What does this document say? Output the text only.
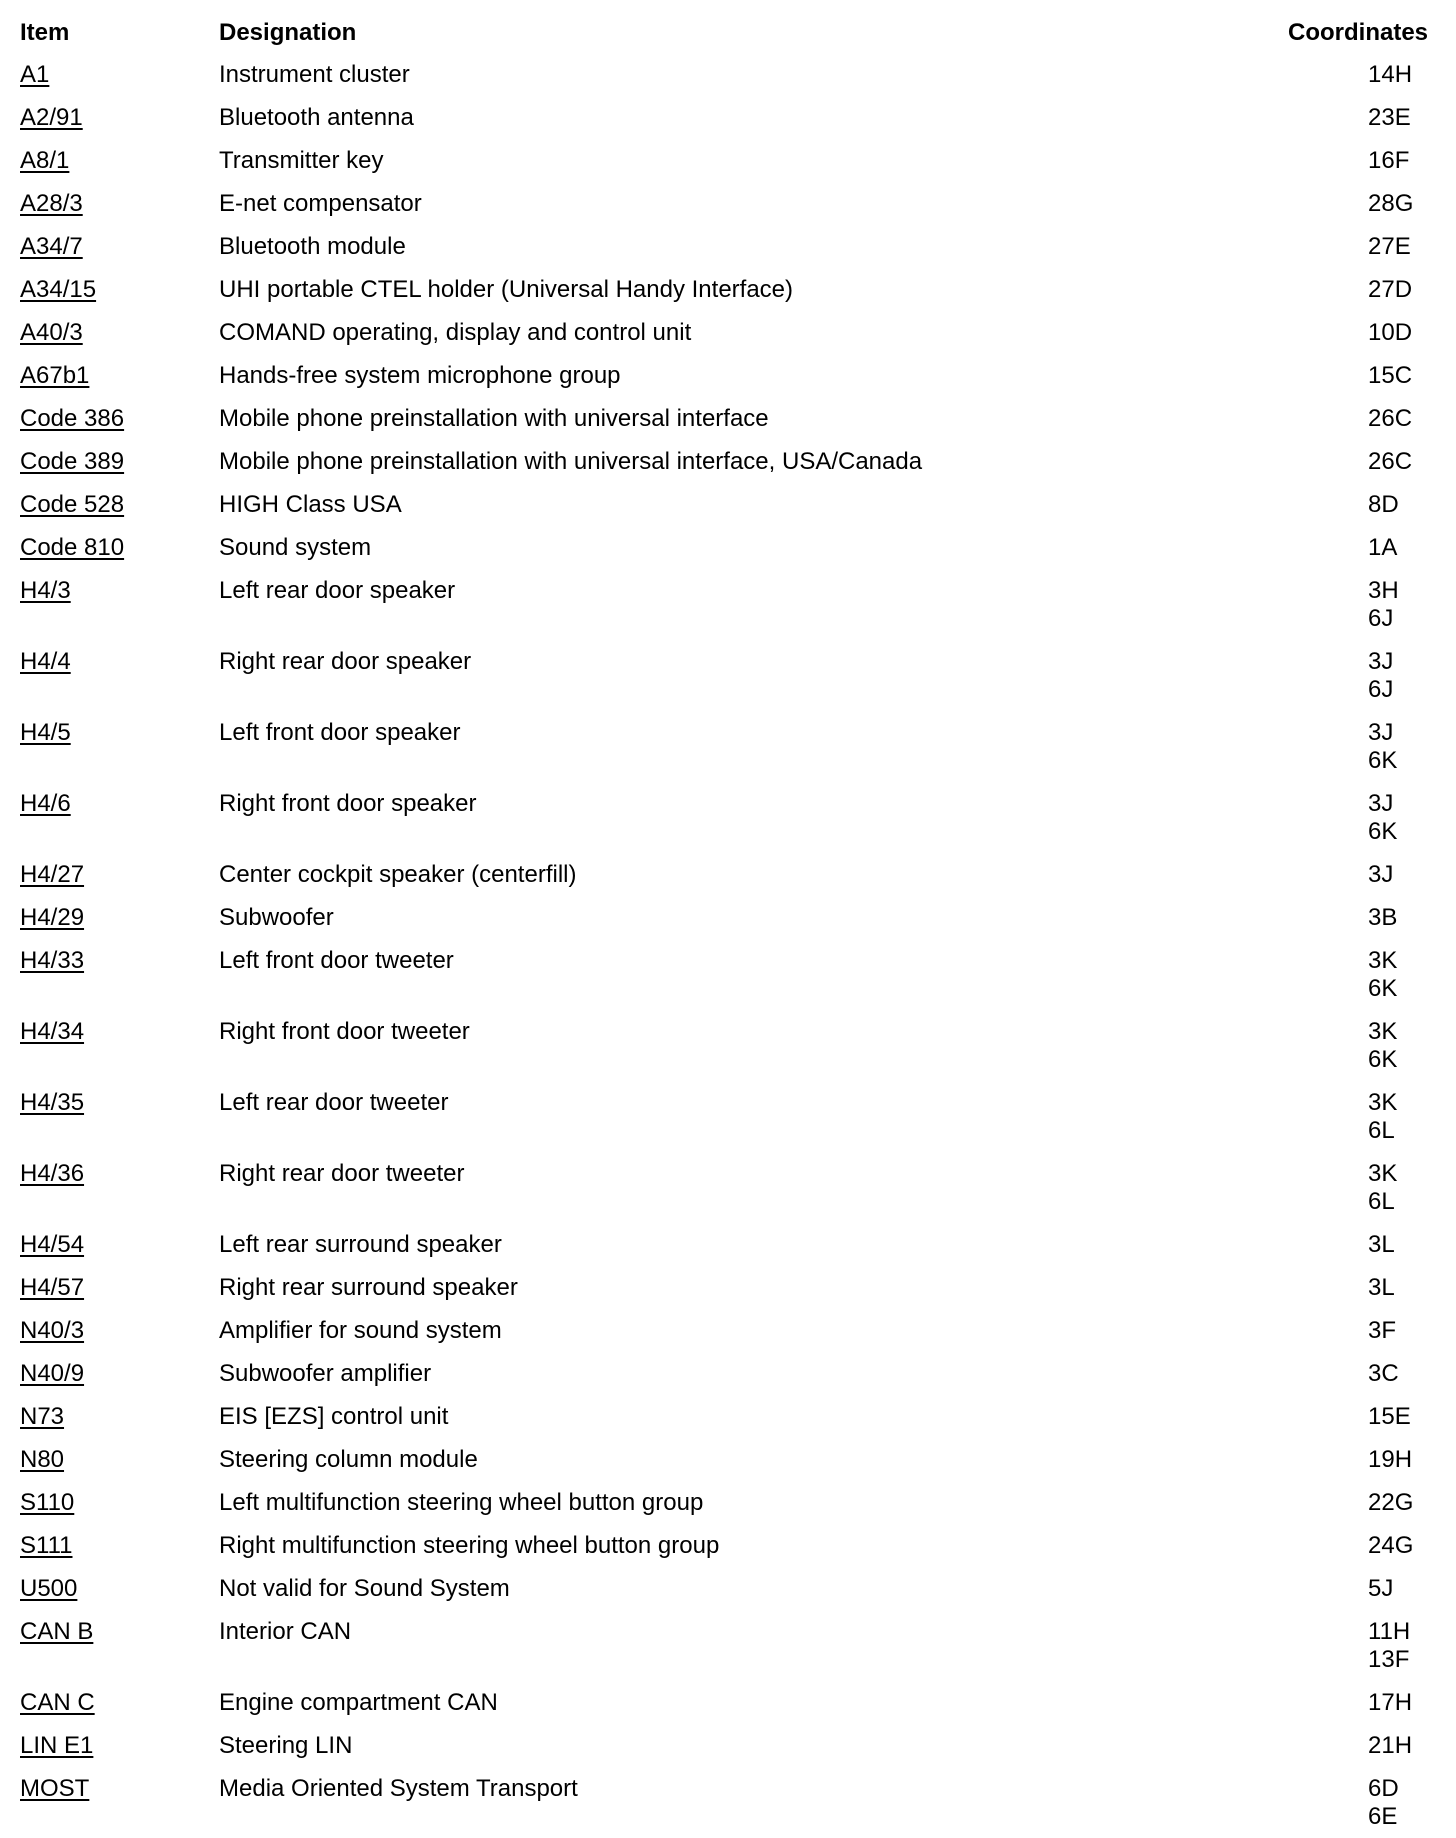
Item	Designation	Coordinates
A1	Instrument cluster	14H
A2/91	Bluetooth antenna	23E
A8/1	Transmitter key	16F
A28/3	E-net compensator	28G
A34/7	Bluetooth module	27E
A34/15	UHI portable CTEL holder (Universal Handy Interface)	27D
A40/3	COMAND operating, display and control unit	10D
A67b1	Hands-free system microphone group	15C
Code 386	Mobile phone preinstallation with universal interface	26C
Code 389	Mobile phone preinstallation with universal interface, USA/Canada	26C
Code 528	HIGH Class USA	8D
Code 810	Sound system	1A
H4/3	Left rear door speaker	3H
6J
H4/4	Right rear door speaker	3J
6J
H4/5	Left front door speaker	3J
6K
H4/6	Right front door speaker	3J
6K
H4/27	Center cockpit speaker (centerfill)	3J
H4/29	Subwoofer	3B
H4/33	Left front door tweeter	3K
6K
H4/34	Right front door tweeter	3K
6K
H4/35	Left rear door tweeter	3K
6L
H4/36	Right rear door tweeter	3K
6L
H4/54	Left rear surround speaker	3L
H4/57	Right rear surround speaker	3L
N40/3	Amplifier for sound system	3F
N40/9	Subwoofer amplifier	3C
N73	EIS [EZS] control unit	15E
N80	Steering column module	19H
S110	Left multifunction steering wheel button group	22G
S111	Right multifunction steering wheel button group	24G
U500	Not valid for Sound System	5J
CAN B	Interior CAN	11H
13F
CAN C	Engine compartment CAN	17H
LIN E1	Steering LIN	21H
MOST	Media Oriented System Transport	6D
6E
